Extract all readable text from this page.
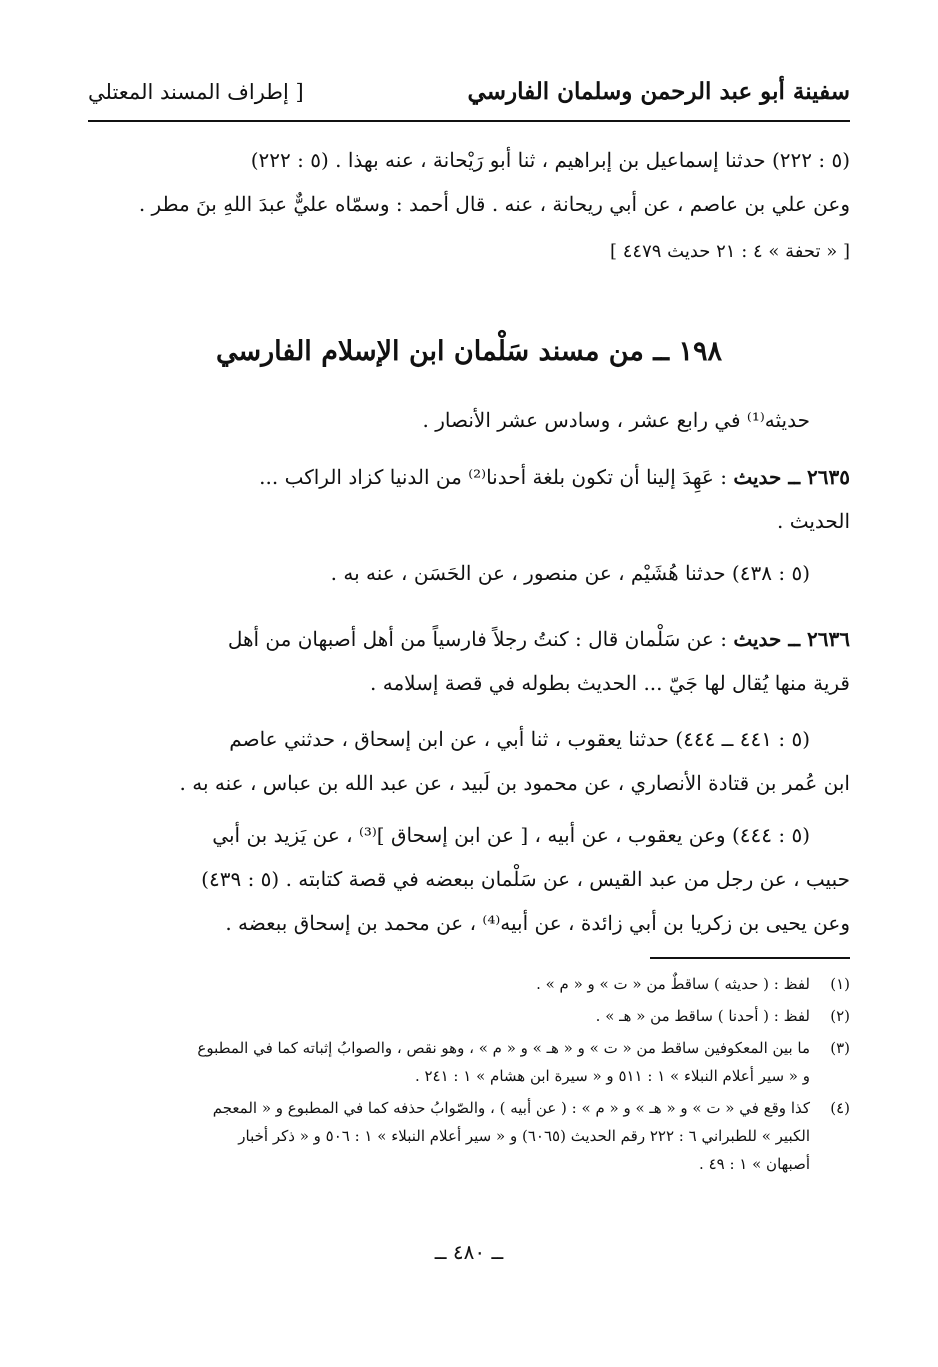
سفينة أبو عبد الرحمن وسلمان الفارسي
[ إطراف المسند المعتلي
(٥ : ٢٢٢) حدثنا إسماعيل بن إبراهيم ، ثنا أبو رَيْحانة ، عنه بهذا . (٥ : ٢٢٢)
وعن علي بن عاصم ، عن أبي ريحانة ، عنه . قال أحمد : وسمّاه عليٌّ عبدَ اللهِ بنَ مطر .
[ « تحفة » ٤ : ٢١ حديث ٤٤٧٩ ]
١٩٨ ــ من مسند سَلْمان ابن الإسلام الفارسي
حديثه⁽¹⁾ في رابع عشر ، وسادس عشر الأنصار .
٢٦٣٥ ــ حديث : عَهِدَ إلينا أن تكون بلغة أحدنا⁽²⁾ من الدنيا كزاد الراكب ...
الحديث .
(٥ : ٤٣٨) حدثنا هُشَيْم ، عن منصور ، عن الحَسَن ، عنه به .
٢٦٣٦ ــ حديث : عن سَلْمان قال : كنتُ رجلاً فارسياً من أهل أصبهان من أهل
قرية منها يُقال لها جَيّ ... الحديث بطوله في قصة إسلامه .
(٥ : ٤٤١ ــ ٤٤٤) حدثنا يعقوب ، ثنا أبي ، عن ابن إسحاق ، حدثني عاصم
ابن عُمر بن قتادة الأنصاري ، عن محمود بن لَبيد ، عن عبد الله بن عباس ، عنه به .
(٥ : ٤٤٤) وعن يعقوب ، عن أبيه ، [ عن ابن إسحاق ]⁽³⁾ ، عن يَزيد بن أبي
حبيب ، عن رجل من عبد القيس ، عن سَلْمان ببعضه في قصة كتابته . (٥ : ٤٣٩)
وعن يحيى بن زكريا بن أبي زائدة ، عن أبيه⁽⁴⁾ ، عن محمد بن إسحاق ببعضه .
(١)لفظ : ( حديثه ) ساقطٌ من « ت » و « م » .
(٢)لفظ : ( أحدنا ) ساقط من « هـ » .
(٣)ما بين المعكوفين ساقط من « ت » و « هـ » و « م » ، وهو نقص ، والصوابُ إثباته كما في المطبوع
و « سير أعلام النبلاء » ١ : ٥١١ و « سيرة ابن هشام » ١ : ٢٤١ .
(٤)كذا وقع في « ت » و « هـ » و « م » : ( عن أبيه ) ، والصّوابُ حذفه كما في المطبوع و « المعجم
الكبير » للطبراني ٦ : ٢٢٢ رقم الحديث (٦٠٦٥) و « سير أعلام النبلاء » ١ : ٥٠٦ و « ذكر أخبار
أصبهان » ١ : ٤٩ .
ــ ٤٨٠ ــ
